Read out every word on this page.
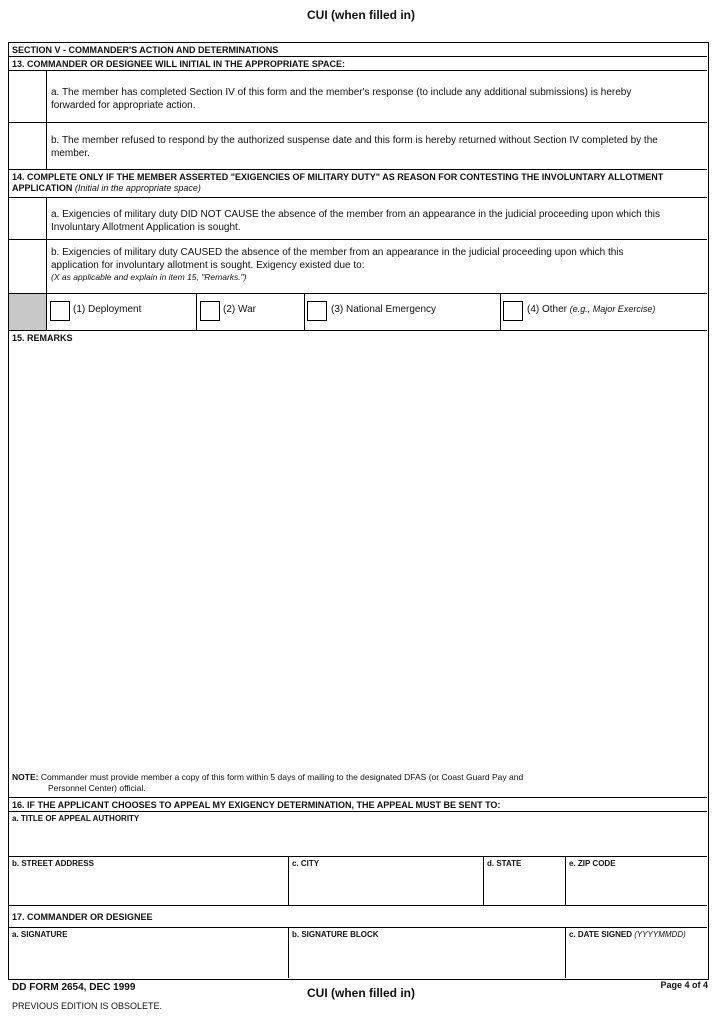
CUI (when filled in)
SECTION V - COMMANDER'S ACTION AND DETERMINATIONS
13. COMMANDER OR DESIGNEE WILL INITIAL IN THE APPROPRIATE SPACE:
a. The member has completed Section IV of this form and the member's response (to include any additional submissions) is hereby forwarded for appropriate action.
b. The member refused to respond by the authorized suspense date and this form is hereby returned without Section IV completed by the member.
14. COMPLETE ONLY IF THE MEMBER ASSERTED "EXIGENCIES OF MILITARY DUTY" AS REASON FOR CONTESTING THE INVOLUNTARY ALLOTMENT APPLICATION (Initial in the appropriate space)
a. Exigencies of military duty DID NOT CAUSE the absence of the member from an appearance in the judicial proceeding upon which this Involuntary Allotment Application is sought.
b. Exigencies of military duty CAUSED the absence of the member from an appearance in the judicial proceeding upon which this application for involuntary allotment is sought. Exigency existed due to:
(X as applicable and explain in item 15, "Remarks.")
(1) Deployment	(2) War	(3) National Emergency	(4) Other (e.g., Major Exercise)
15. REMARKS
NOTE: Commander must provide member a copy of this form within 5 days of mailing to the designated DFAS (or Coast Guard Pay and
Personnel Center) official.
16. IF THE APPLICANT CHOOSES TO APPEAL MY EXIGENCY DETERMINATION, THE APPEAL MUST BE SENT TO:
a. TITLE OF APPEAL AUTHORITY
b. STREET ADDRESS	c. CITY	d. STATE	e. ZIP CODE
17. COMMANDER OR DESIGNEE
a. SIGNATURE	b. SIGNATURE BLOCK	c. DATE SIGNED (YYYYMMDD)
DD FORM 2654, DEC 1999
PREVIOUS EDITION IS OBSOLETE.
CUI (when filled in)
Page 4 of 4
